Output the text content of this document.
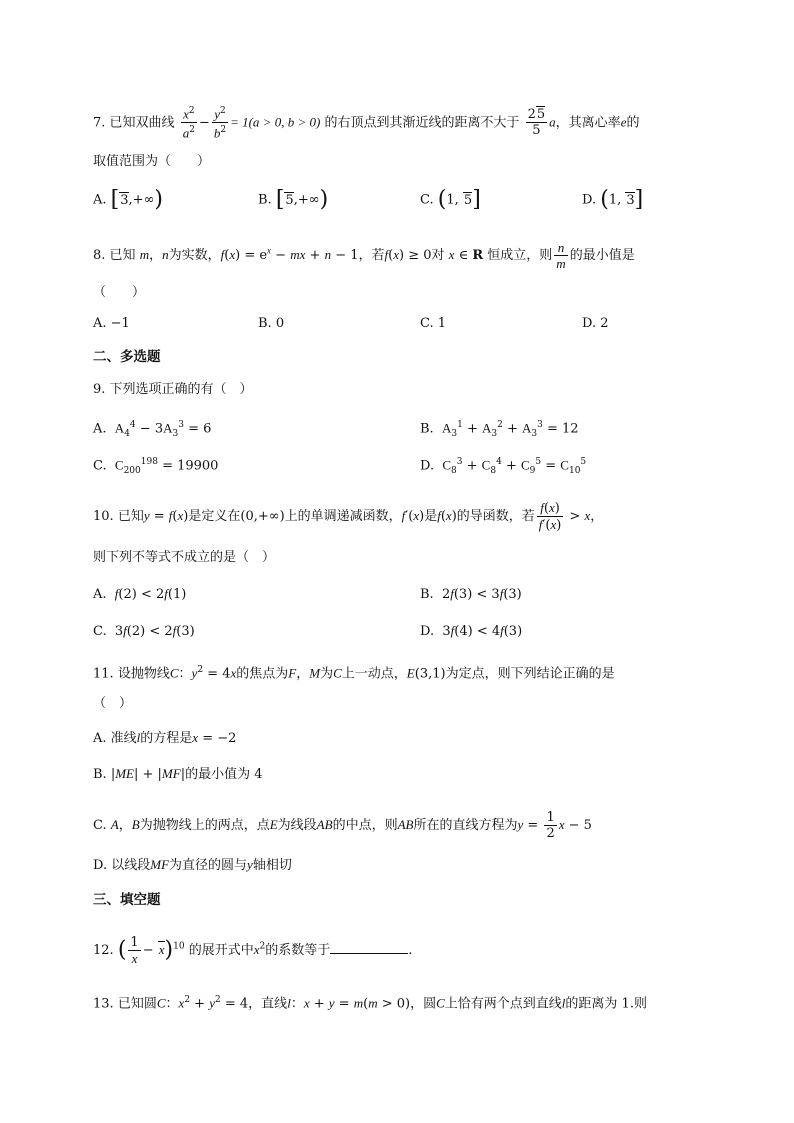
7. 已知双曲线 $\frac{x^2}{a^2} - \frac{y^2}{b^2} = 1(a > 0$, b > 0) 的右顶点到其渐近线的距离不大于 $\frac{25}{5}$ a，其离心率e的
取值范围为（　　）
A. [3,+∞)	B. [5,+∞)	C. (1, 5]	D. (1, 3]
8. 已知 m，n为实数，$f(x) = e^x$ − mx + n − 1，若f(x) ≥ 0对 x ∈ R 恒成立，则 $\frac{n}{m}$ 的最小值是
（　　）
A. −1	B. 0	C. 1	D. 2
二、多选题
9. 下列选项正确的有（　）
A. $A_4^4 - 3A_3^3 = 6$	B. $A_3^1 + A_3^2 + A_3^3 = 12$
C. $C_{200}^{198} = 19900$	D. $C_8^3 + C_8^4 + C_9^5 = C_{10}^5$
10. 已知y = f(x)是定义在(0,+∞)上的单调递减函数，f′(x)是f(x)的导函数，若 $\frac{f(x)}{f'(x)} > x$，
则下列不等式不成立的是（　）
A. f(2) < 2f(1)	B.  2f(3) < 3f(3)
C.  3f(2) < 2f(3)	D.  3f(4) < 4f(3)
11. 设抛物线C：$y^2 = 4x$的焦点为F，M为C上一动点，E(3,1)为定点，则下列结论正确的是
（　）
A. 准线l的方程是x = −2
B. |ME| + |MF|的最小值为 4
C. A，B为抛物线上的两点，点E为线段AB的中点，则AB所在的直线方程为$y = \frac{1}{2}$ x − 5
D. 以线段MF为直径的圆与y轴相切
三、填空题
12. ( $\frac{1}{x} - x)^{10}$ 的展开式中$x^2$的系数等于	.
13. 已知圆C：$x^2 + y^2 = 4$，直线l：x + y = m(m > 0)，圆C上恰有两个点到直线l的距离为 1.则
